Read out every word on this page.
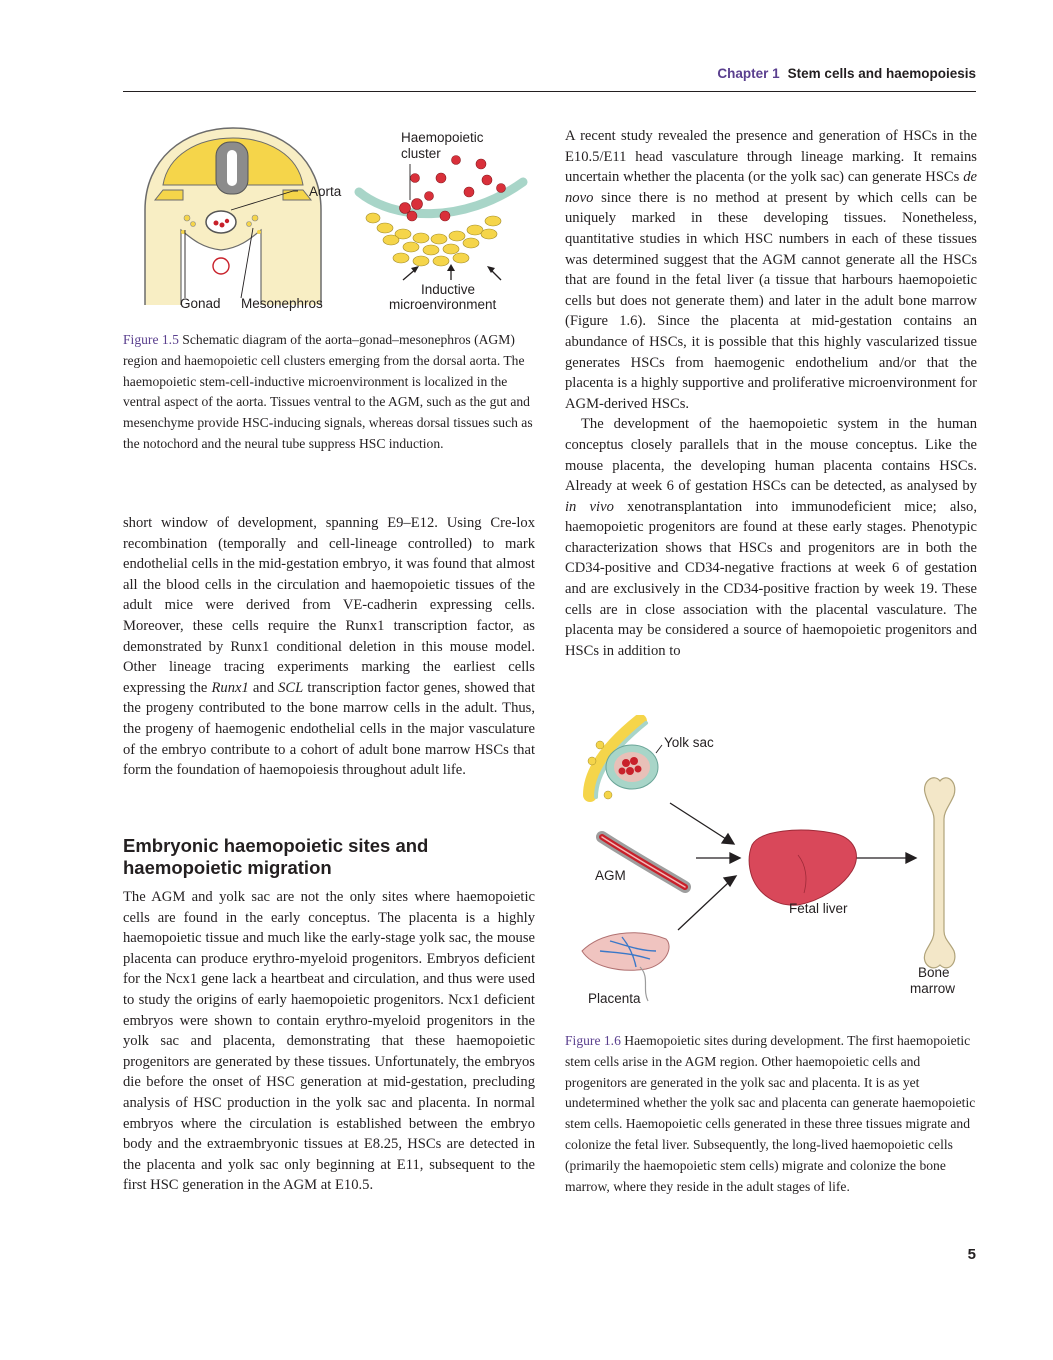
Chapter 1 Stem cells and haemopoiesis
Aorta
Gonad Mesonephros
Haemopoietic
cluster
Inductive
microenvironment
Figure 1.5 Schematic diagram of the aorta–gonad–mesonephros (AGM) region and haemopoietic cell clusters emerging from the dorsal aorta. The haemopoietic stem-cell-inductive microenvironment is localized in the ventral aspect of the aorta. Tissues ventral to the AGM, such as the gut and mesenchyme provide HSC-inducing signals, whereas dorsal tissues such as the notochord and the neural tube suppress HSC induction.

short window of development, spanning E9–E12. Using Cre-lox recombination (temporally and cell-lineage controlled) to mark endothelial cells in the mid-gestation embryo, it was found that almost all the blood cells in the circulation and haemopoietic tissues of the adult mice were derived from VE-cadherin expressing cells. Moreover, these cells require the Runx1 transcription factor, as demonstrated by Runx1 conditional deletion in this mouse model. Other lineage tracing experiments marking the earliest cells expressing the Runx1 and SCL transcription factor genes, showed that the progeny contributed to the bone marrow cells in the adult. Thus, the progeny of haemogenic endothelial cells in the major vasculature of the embryo contribute to a cohort of adult bone marrow HSCs that form the foundation of haemopoiesis throughout adult life.

Embryonic haemopoietic sites and
haemopoietic migration

The AGM and yolk sac are not the only sites where haemopoietic cells are found in the early conceptus. The placenta is a highly haemopoietic tissue and much like the early-stage yolk sac, the mouse placenta can produce erythro-myeloid progenitors. Embryos deficient for the Ncx1 gene lack a heartbeat and circulation, and thus were used to study the origins of early haemopoietic progenitors. Ncx1 deficient embryos were shown to contain erythro-myeloid progenitors in the yolk sac and placenta, demonstrating that these haemopoietic progenitors are generated by these tissues. Unfortunately, the embryos die before the onset of HSC generation at mid-gestation, precluding analysis of HSC production in the yolk sac and placenta. In normal embryos where the circulation is established between the embryo body and the extraembryonic tissues at E8.25, HSCs are detected in the placenta and yolk sac only beginning at E11, subsequent to the first HSC generation in the AGM at E10.5.

A recent study revealed the presence and generation of HSCs in the E10.5/E11 head vasculature through lineage marking. It remains uncertain whether the placenta (or the yolk sac) can generate HSCs de novo since there is no method at present by which cells can be uniquely marked in these developing tissues. Nonetheless, quantitative studies in which HSC numbers in each of these tissues was determined suggest that the AGM cannot generate all the HSCs that are found in the fetal liver (a tissue that harbours haemopoietic cells but does not generate them) and later in the adult bone marrow (Figure 1.6). Since the placenta at mid-gestation contains an abundance of HSCs, it is possible that this highly vascularized tissue generates HSCs from haemogenic endothelium and/or that the placenta is a highly supportive and proliferative microenvironment for AGM-derived HSCs.

The development of the haemopoietic system in the human conceptus closely parallels that in the mouse conceptus. Like the mouse placenta, the developing human placenta contains HSCs. Already at week 6 of gestation HSCs can be detected, as analysed by in vivo xenotransplantation into immunodeficient mice; also, haemopoietic progenitors are found at these early stages. Phenotypic characterization shows that HSCs and progenitors are in both the CD34-positive and CD34-negative fractions at week 6 of gestation and are exclusively in the CD34-positive fraction by week 19. These cells are in close association with the placental vasculature. The placenta may be considered a source of haemopoietic progenitors and HSCs in addition to

Yolk sac
AGM
Placenta
Fetal liver
Bone
marrow
Figure 1.6 Haemopoietic sites during development. The first haemopoietic stem cells arise in the AGM region. Other haemopoietic cells and progenitors are generated in the yolk sac and placenta. It is as yet undetermined whether the yolk sac and placenta can generate haemopoietic stem cells. Haemopoietic cells generated in these three tissues migrate and colonize the fetal liver. Subsequently, the long-lived haemopoietic cells (primarily the haemopoietic stem cells) migrate and colonize the bone marrow, where they reside in the adult stages of life.
5
